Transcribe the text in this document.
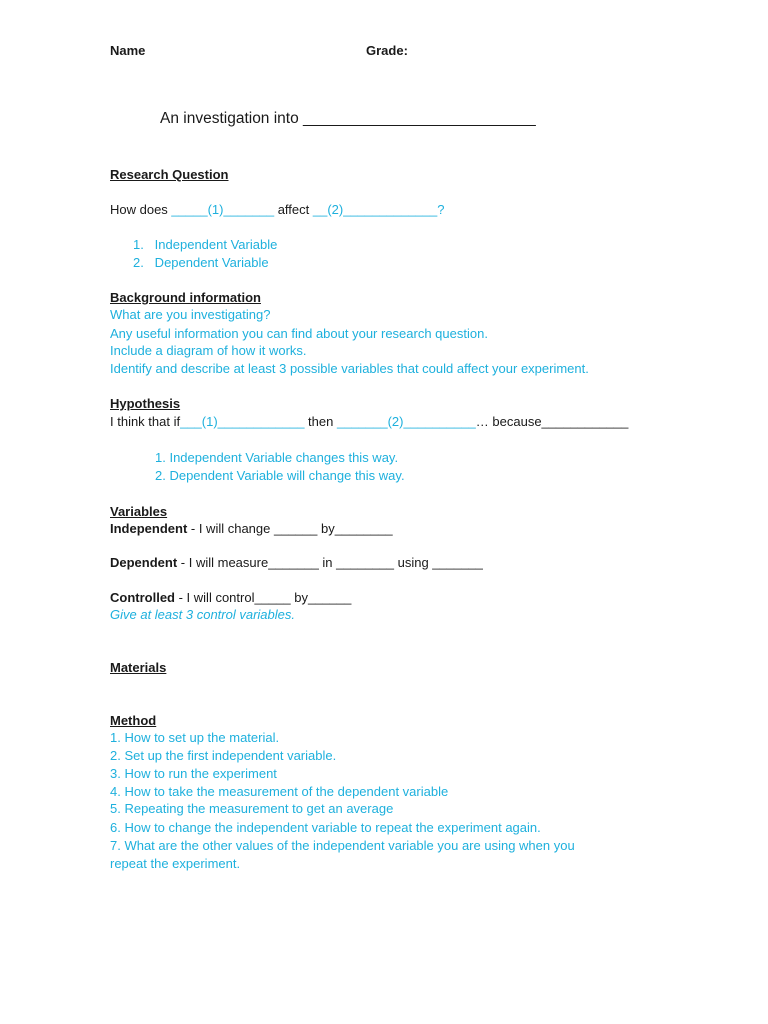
Name	Grade:
An investigation into ___________________________
Research Question
How does _____(1)_______ affect __(2)_____________?
1.   Independent Variable
2.   Dependent Variable
Background information
What are you investigating?
Any useful information you can find about your research question.
Include a diagram of how it works.
Identify and describe at least 3 possible variables that could affect your experiment.
Hypothesis
I think that if___(1)____________ then _______(2)__________… because____________
1. Independent Variable changes this way.
2. Dependent Variable will change this way.
Variables
Independent - I will change ______ by________
Dependent - I will measure_______ in ________ using _______
Controlled - I will control_____ by______
Give at least 3 control variables.
Materials
Method
1. How to set up the material.
2. Set up the first independent variable.
3. How to run the experiment
4. How to take the measurement of the dependent variable
5. Repeating the measurement to get an average
6. How to change the independent variable to repeat the experiment again.
7. What are the other values of the independent variable you are using when you
repeat the experiment.
